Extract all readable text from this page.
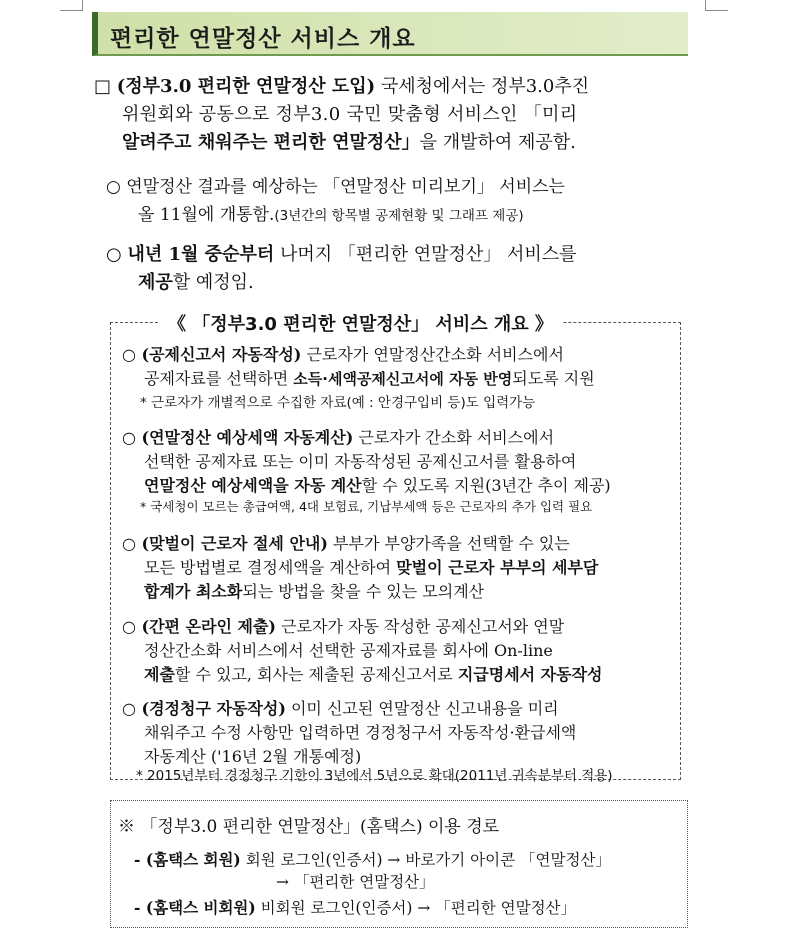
편리한 연말정산 서비스 개요
□ (정부3.0 편리한 연말정산 도입) 국세청에서는 정부3.0추진
위원회와 공동으로 정부3.0 국민 맞춤형 서비스인 「미리
알려주고 채워주는 편리한 연말정산」을 개발하여 제공함.
○ 연말정산 결과를 예상하는 「연말정산 미리보기」 서비스는
올 11월에 개통함.(3년간의 항목별 공제현황 및 그래프 제공)
○ 내년 1월 중순부터 나머지 「편리한 연말정산」 서비스를
제공할 예정임.
《 「정부3.0 편리한 연말정산」 서비스 개요 》
○ (공제신고서 자동작성) 근로자가 연말정산간소화 서비스에서
공제자료를 선택하면 소득·세액공제신고서에 자동 반영되도록 지원
* 근로자가 개별적으로 수집한 자료(예 : 안경구입비 등)도 입력가능
○ (연말정산 예상세액 자동계산) 근로자가 간소화 서비스에서
선택한 공제자료 또는 이미 자동작성된 공제신고서를 활용하여
연말정산 예상세액을 자동 계산할 수 있도록 지원(3년간 추이 제공)
* 국세청이 모르는 총급여액, 4대 보험료, 기납부세액 등은 근로자의 추가 입력 필요
○ (맞벌이 근로자 절세 안내) 부부가 부양가족을 선택할 수 있는
모든 방법별로 결정세액을 계산하여 맞벌이 근로자 부부의 세부담
합계가 최소화되는 방법을 찾을 수 있는 모의계산
○ (간편 온라인 제출) 근로자가 자동 작성한 공제신고서와 연말
정산간소화 서비스에서 선택한 공제자료를 회사에 On-line
제출할 수 있고, 회사는 제출된 공제신고서로 지급명세서 자동작성
○ (경정청구 자동작성) 이미 신고된 연말정산 신고내용을 미리
채워주고 수정 사항만 입력하면 경정청구서 자동작성·환급세액
자동계산 ('16년 2월 개통예정)
* 2015년부터 경정청구 기한이 3년에서 5년으로 확대(2011년 귀속분부터 적용)
※ 「정부3.0 편리한 연말정산」(홈택스) 이용 경로
- (홈택스 회원) 회원 로그인(인증서) → 바로가기 아이콘 「연말정산」
→ 「편리한 연말정산」
- (홈택스 비회원) 비회원 로그인(인증서) → 「편리한 연말정산」
